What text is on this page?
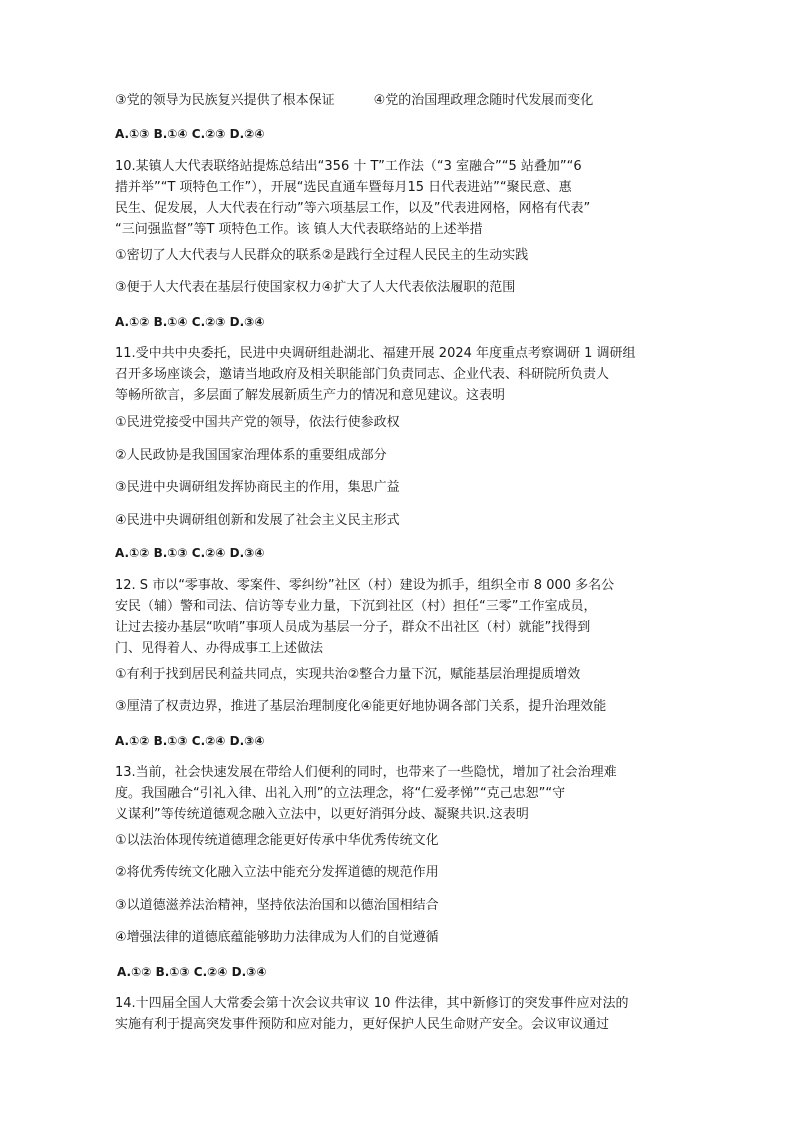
③党的领导为民族复兴提供了根本保证　　　④党的治国理政理念随时代发展而变化
A.①③ B.①④ C.②③ D.②④
10.某镇人大代表联络站提炼总结出“356 十 T”工作法（“3 室融合”“5 站叠加”“6
措并举”“T 项特色工作”），开展“选民直通车暨每月15 日代表进站”“聚民意、惠
民生、促发展，人大代表在行动”等六项基层工作，以及”代表进网格，网格有代表”
“三问强监督”等T 项特色工作。该 镇人大代表联络站的上述举措
①密切了人大代表与人民群众的联系②是践行全过程人民民主的生动实践
③便于人大代表在基层行使国家权力④扩大了人大代表依法履职的范围
A.①② B.①④ C.②③ D.③④
11.受中共中央委托，民进中央调研组赴湖北、福建开展 2024 年度重点考察调研 1 调研组
召开多场座谈会，邀请当地政府及相关职能部门负责同志、企业代表、科研院所负责人
等畅所欲言，多层面了解发展新质生产力的情况和意见建议。这表明
①民进党接受中国共产党的领导，依法行使参政权
②人民政协是我国国家治理体系的重要组成部分
③民进中央调研组发挥协商民主的作用，集思广益
④民进中央调研组创新和发展了社会主义民主形式
A.①② B.①③ C.②④ D.③④
12. S 市以“零事故、零案件、零纠纷”社区（村）建设为抓手，组织全市 8 000 多名公
安民（辅）警和司法、信访等专业力量，下沉到社区（村）担任“三零”工作室成员，
让过去接办基层“吹哨”事项人员成为基层一分子，群众不出社区（村）就能”找得到
门、见得着人、办得成事工上述做法
①有利于找到居民利益共同点，实现共治②整合力量下沉，赋能基层治理提质增效
③厘清了权责边界，推进了基层治理制度化④能更好地协调各部门关系，提升治理效能
A.①② B.①③ C.②④ D.③④
13.当前，社会快速发展在带给人们便利的同时，也带来了一些隐忧，增加了社会治理难
度。我国融合“引礼入律、出礼入刑”的立法理念，将“仁爱孝悌”“克己忠恕”“守
义谋利”等传统道德观念融入立法中，以更好消弭分歧、凝聚共识.这表明
①以法治体现传统道德理念能更好传承中华优秀传统文化
②将优秀传统文化融入立法中能充分发挥道德的规范作用
③以道德滋养法治精神，坚持依法治国和以德治国相结合
④增强法律的道德底蕴能够助力法律成为人们的自觉遵循
A.①② B.①③ C.②④ D.③④
14.十四届全国人大常委会第十次会议共审议 10 件法律，其中新修订的突发事件应对法的
实施有利于提高突发事件预防和应对能力，更好保护人民生命财产安全。会议审议通过
